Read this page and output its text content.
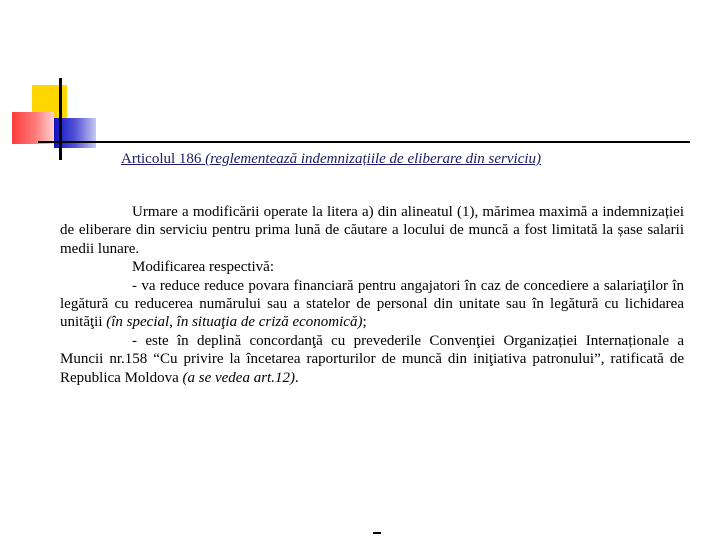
Articolul 186 (reglementează indemnizațiile de eliberare din serviciu)

Urmare a modificării operate la litera a) din alineatul (1), mărimea maximă a indemnizației de eliberare din serviciu pentru prima lună de căutare a locului de muncă a fost limitată la șase salarii medii lunare.

Modificarea respectivă:

- va reduce reduce povara financiară pentru angajatori în caz de concediere a salariaţilor în legătură cu reducerea numărului sau a statelor de personal din unitate sau în legătură cu lichidarea unităţii (în special, în situaţia de criză economică);

- este în deplină concordanţă cu prevederile Convenţiei Organizației Internaționale a Muncii nr.158 “Cu privire la încetarea raporturilor de muncă din iniţiativa patronului”, ratificată de Republica Moldova (a se vedea art.12).
